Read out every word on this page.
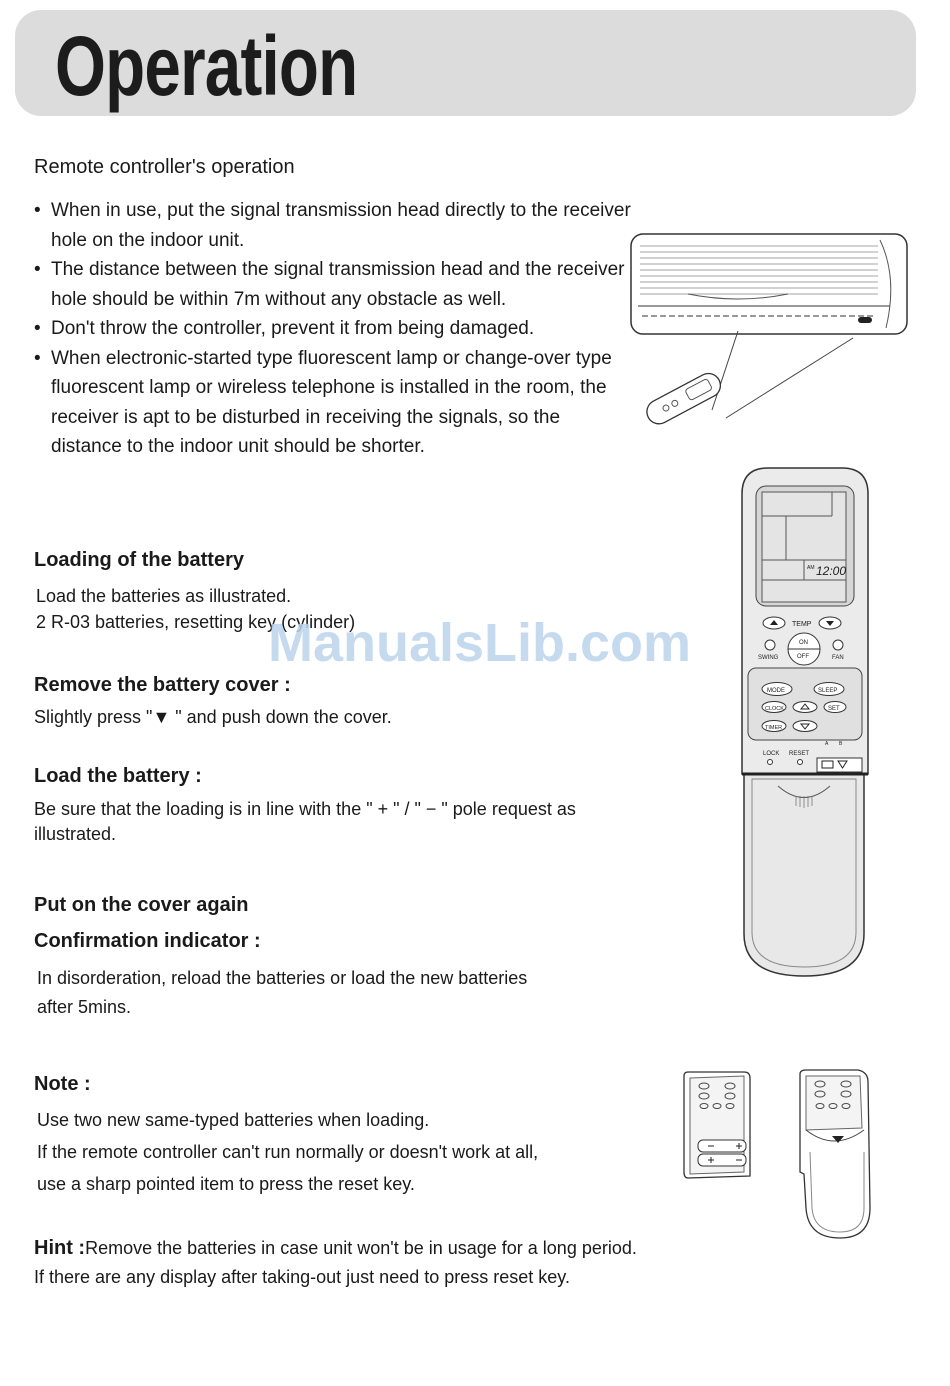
Operation
Remote controller's operation
• When in use, put the signal transmission head directly to the receiver hole on the indoor unit.
• The distance between the signal transmission head and the receiver hole should be within 7m without any obstacle as well.
• Don't throw the controller, prevent it from being damaged.
• When electronic-started type fluorescent lamp or change-over type fluorescent lamp or wireless telephone is installed in the room, the receiver is apt to be disturbed in receiving the signals, so the distance to the indoor unit should be shorter.
Loading of the battery
Load the batteries as illustrated.
2 R-03 batteries, resetting key (cylinder)
ManualsLib.com
Remove the battery cover :
Slightly press "▼ " and push down the cover.
Load the battery :
Be sure that the loading is in line with the " + " / " − " pole request as
illustrated.
Put on the cover again
Confirmation indicator :
In disorderation, reload the batteries or load the new batteries
after 5mins.
AM 12:00
TEMP
SWING
ON
OFF	FAN
MODE	SLEEP
CLOCK	SET
TIMER
LOCK RESET
A B
Note :
Use two new same-typed batteries when loading.
If the remote controller can't run normally or doesn't work at all,
use a sharp pointed item to press the reset key.
Hint :Remove the batteries in case unit won't be in usage for a long period.
If there are any display after taking-out just need to press reset key.
